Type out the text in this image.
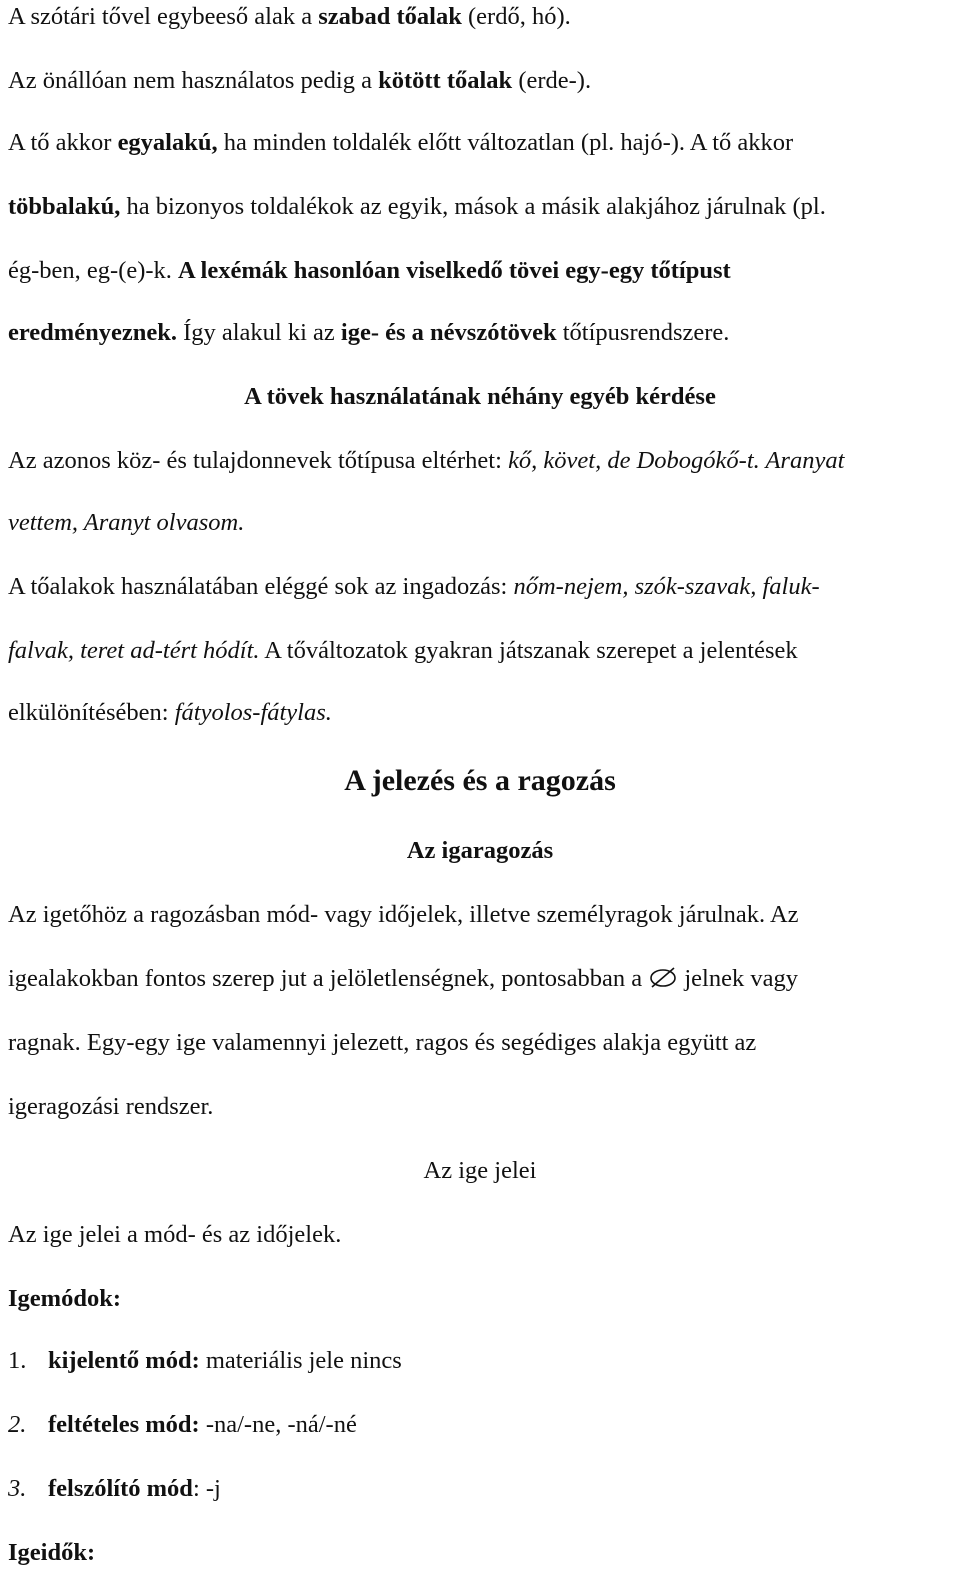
A szótári tővel egybeeső alak a szabad tőalak (erdő, hó).
Az önállóan nem használatos pedig a kötött tőalak (erde-).
A tő akkor egyalakú, ha minden toldalék előtt változatlan (pl. hajó-). A tő akkor
többalakú, ha bizonyos toldalékok az egyik, mások a másik alakjához járulnak (pl.
ég-ben, eg-(e)-k. A lexémák hasonlóan viselkedő tövei egy-egy tőtípust
eredményeznek. Így alakul ki az ige- és a névszótövek tőtípusrendszere.
A tövek használatának néhány egyéb kérdése
Az azonos köz- és tulajdonnevek tőtípusa eltérhet: kő, követ, de Dobogókő-t. Aranyat
vettem, Aranyt olvasom.
A tőalakok használatában eléggé sok az ingadozás: nőm-nejem, szók-szavak, faluk-
falvak, teret ad-tért hódít. A tőváltozatok gyakran játszanak szerepet a jelentések
elkülönítésében: fátyolos-fátylas.
A jelezés és a ragozás
Az igaragozás
Az igetőhöz a ragozásban mód- vagy időjelek, illetve személyragok járulnak. Az
igealakokban fontos szerep jut a jelöletlenségnek, pontosabban a  jelnek vagy
ragnak. Egy-egy ige valamennyi jelezett, ragos és segédiges alakja együtt az
igeragozási rendszer.
Az ige jelei
Az ige jelei a mód- és az időjelek.
Igemódok:
1. kijelentő mód: materiális jele nincs
2. feltételes mód: -na/-ne, -ná/-né
3. felszólító mód: -j
Igeidők:
